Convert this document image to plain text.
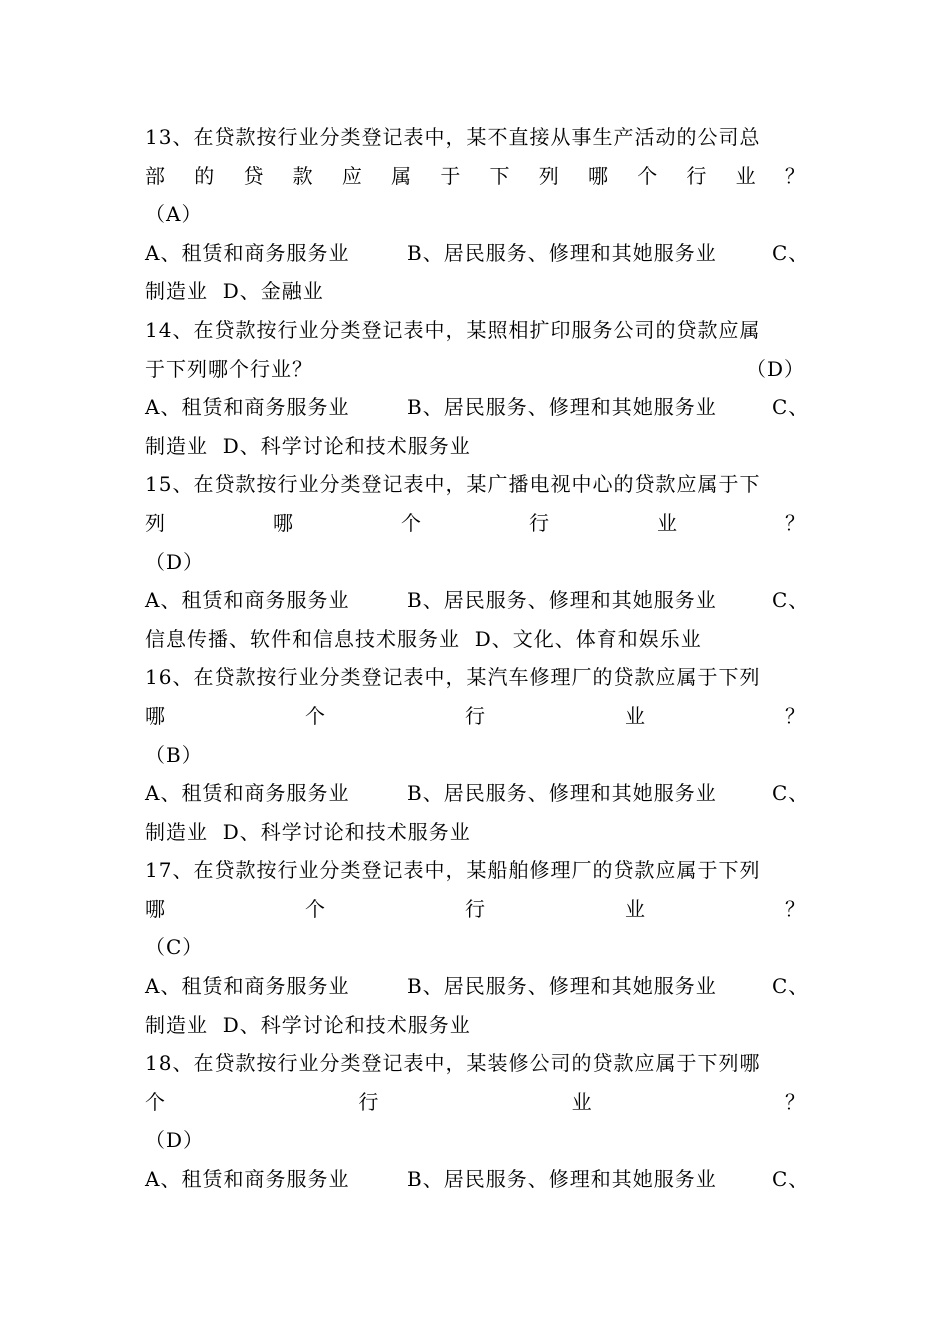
13、在贷款按行业分类登记表中，某不直接从事生产活动的公司总
部 的 贷 款 应 属 于 下 列 哪 个 行 业 ？
（A）
A、租赁和商务服务业	B、居民服务、修理和其她服务业	C、
制造业 D、金融业
14、在贷款按行业分类登记表中，某照相扩印服务公司的贷款应属
于下列哪个行业？	（D）
A、租赁和商务服务业	B、居民服务、修理和其她服务业	C、
制造业 D、科学讨论和技术服务业
15、在贷款按行业分类登记表中，某广播电视中心的贷款应属于下
列	哪	个	行	业	？
（D）
A、租赁和商务服务业	B、居民服务、修理和其她服务业	C、
信息传播、软件和信息技术服务业 D、文化、体育和娱乐业
16、在贷款按行业分类登记表中，某汽车修理厂的贷款应属于下列
哪	个	行	业	？
（B）
A、租赁和商务服务业	B、居民服务、修理和其她服务业	C、
制造业 D、科学讨论和技术服务业
17、在贷款按行业分类登记表中，某船舶修理厂的贷款应属于下列
哪	个	行	业	？
（C）
A、租赁和商务服务业	B、居民服务、修理和其她服务业	C、
制造业 D、科学讨论和技术服务业
18、在贷款按行业分类登记表中，某装修公司的贷款应属于下列哪
个	行	业	？
（D）
A、租赁和商务服务业	B、居民服务、修理和其她服务业	C、
